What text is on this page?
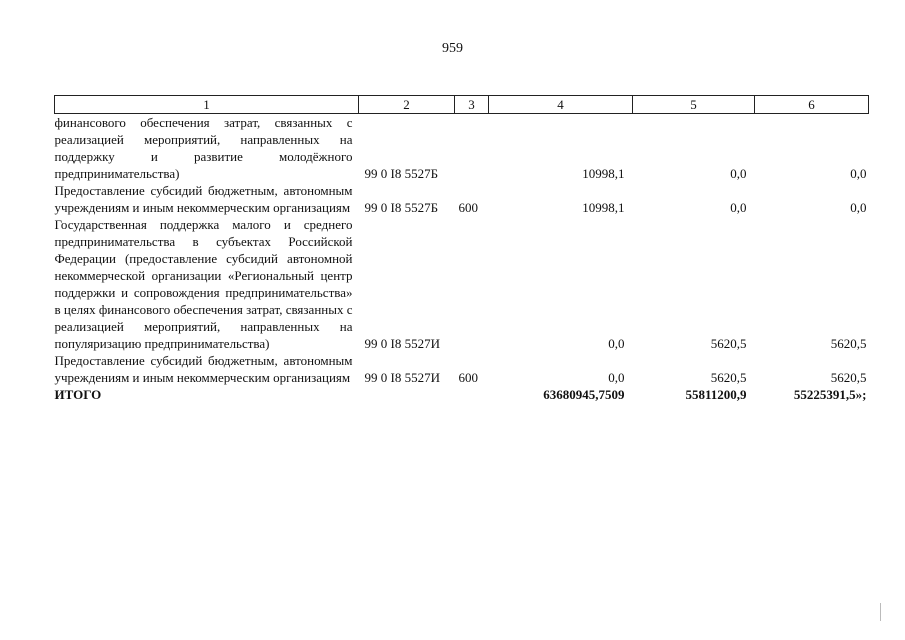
959
1	2	3	4	5	6
финансового обеспечения затрат, связанных с реализацией мероприятий, направленных на поддержку и развитие молодёжного предпринимательства)	99 0 I8 5527Б		10998,1	0,0	0,0
Предоставление субсидий бюджетным, автономным учреждениям и иным некоммерческим организациям	99 0 I8 5527Б	600	10998,1	0,0	0,0
Государственная поддержка малого и среднего предпринимательства в субъектах Российской Федерации (предоставление субсидий автономной некоммерческой организации «Региональный центр поддержки и сопровождения предпринимательства» в целях финансового обеспечения затрат, связанных с реализацией мероприятий, направленных на популяризацию предпринимательства)	99 0 I8 5527И		0,0	5620,5	5620,5
Предоставление субсидий бюджетным, автономным учреждениям и иным некоммерческим организациям	99 0 I8 5527И	600	0,0	5620,5	5620,5
ИТОГО			63680945,7509	55811200,9	55225391,5»;
